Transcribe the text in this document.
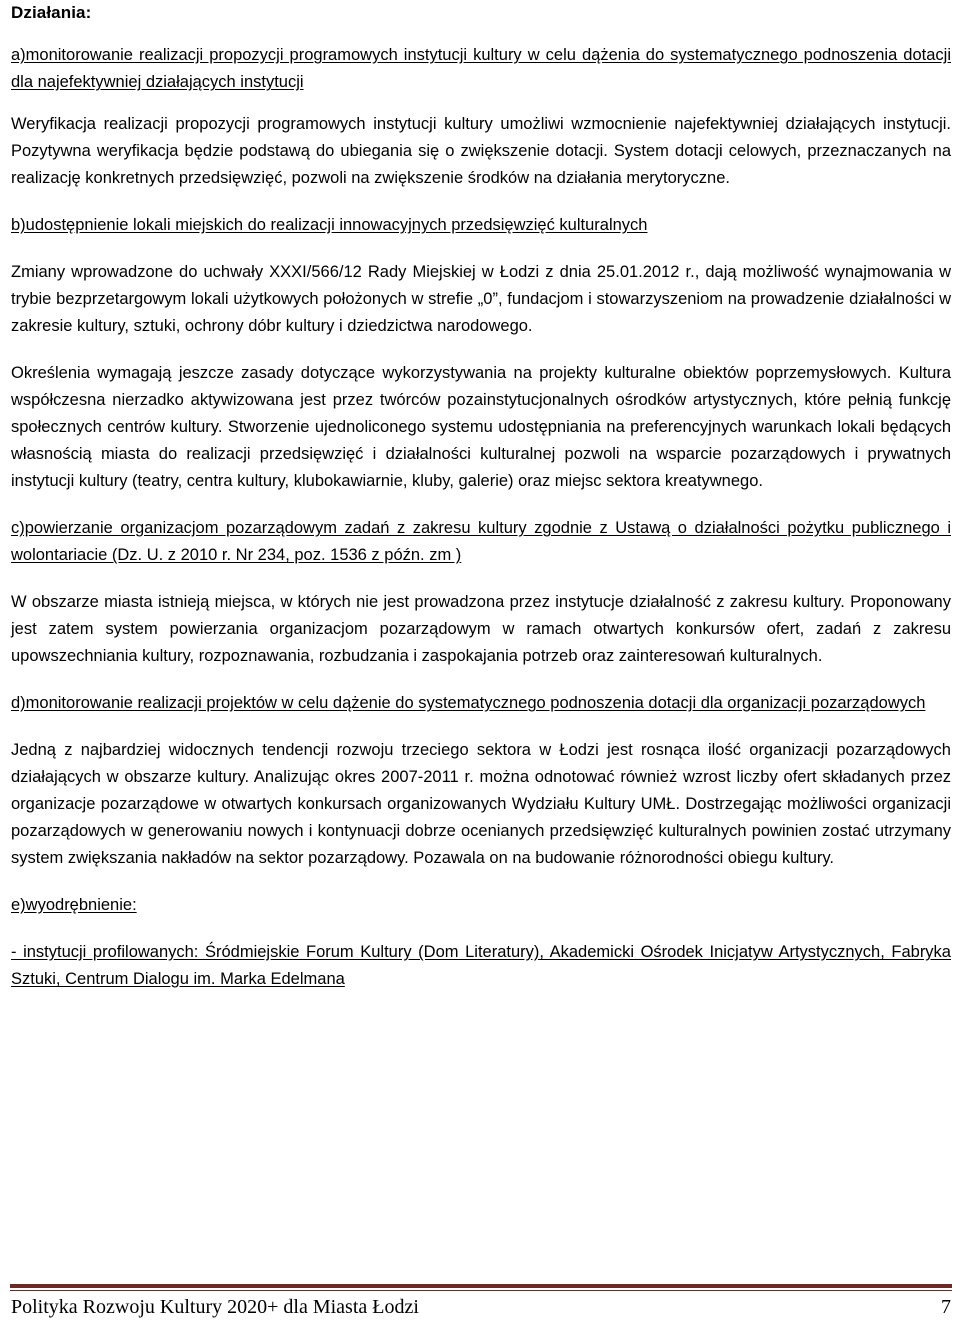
Działania:

a)monitorowanie realizacji propozycji programowych instytucji kultury w celu dążenia do systematycznego podnoszenia dotacji dla najefektywniej działających instytucji

Weryfikacja realizacji propozycji programowych instytucji kultury umożliwi wzmocnienie najefektywniej działających instytucji. Pozytywna weryfikacja będzie podstawą do ubiegania się o zwiększenie dotacji. System dotacji celowych, przeznaczanych na realizację konkretnych przedsięwzięć, pozwoli na zwiększenie środków na działania merytoryczne.

b)udostępnienie lokali miejskich do realizacji innowacyjnych przedsięwzięć kulturalnych

Zmiany wprowadzone do uchwały XXXI/566/12 Rady Miejskiej w Łodzi z dnia 25.01.2012 r., dają możliwość wynajmowania w trybie bezprzetargowym lokali użytkowych położonych w strefie „0”, fundacjom i stowarzyszeniom na prowadzenie działalności w zakresie kultury, sztuki, ochrony dóbr kultury i dziedzictwa narodowego.

Określenia wymagają jeszcze zasady dotyczące wykorzystywania na projekty kulturalne obiektów poprzemysłowych. Kultura współczesna nierzadko aktywizowana jest przez twórców pozainstytucjonalnych ośrodków artystycznych, które pełnią funkcję społecznych centrów kultury. Stworzenie ujednoliconego systemu udostępniania na preferencyjnych warunkach lokali będących własnością miasta do realizacji przedsięwzięć i działalności kulturalnej pozwoli na wsparcie pozarządowych i prywatnych instytucji kultury (teatry, centra kultury, klubokawiarnie, kluby, galerie) oraz miejsc sektora kreatywnego.

c)powierzanie organizacjom pozarządowym zadań z zakresu kultury zgodnie z Ustawą o działalności pożytku publicznego i wolontariacie (Dz. U. z 2010 r. Nr 234, poz. 1536 z późn. zm )

W obszarze miasta istnieją miejsca, w których nie jest prowadzona przez instytucje działalność z zakresu kultury. Proponowany jest zatem system powierzania organizacjom pozarządowym w ramach otwartych konkursów ofert, zadań z zakresu upowszechniania kultury, rozpoznawania, rozbudzania i zaspokajania potrzeb oraz zainteresowań kulturalnych.

d)monitorowanie realizacji projektów w celu dążenie do systematycznego podnoszenia dotacji dla organizacji pozarządowych

Jedną z najbardziej widocznych tendencji rozwoju trzeciego sektora w Łodzi jest rosnąca ilość organizacji pozarządowych działających w obszarze kultury. Analizując okres 2007-2011 r. można odnotować również wzrost liczby ofert składanych przez organizacje pozarządowe w otwartych konkursach organizowanych Wydziału Kultury UMŁ. Dostrzegając możliwości organizacji pozarządowych w generowaniu nowych i kontynuacji dobrze ocenianych przedsięwzięć kulturalnych powinien zostać utrzymany system zwiększania nakładów na sektor pozarządowy. Pozawala on na budowanie różnorodności obiegu kultury.

e)wyodrębnienie:

- instytucji profilowanych: Śródmiejskie Forum Kultury (Dom Literatury), Akademicki Ośrodek Inicjatyw Artystycznych, Fabryka Sztuki, Centrum Dialogu im. Marka Edelmana

Polityka Rozwoju Kultury 2020+ dla Miasta Łodzi	7
